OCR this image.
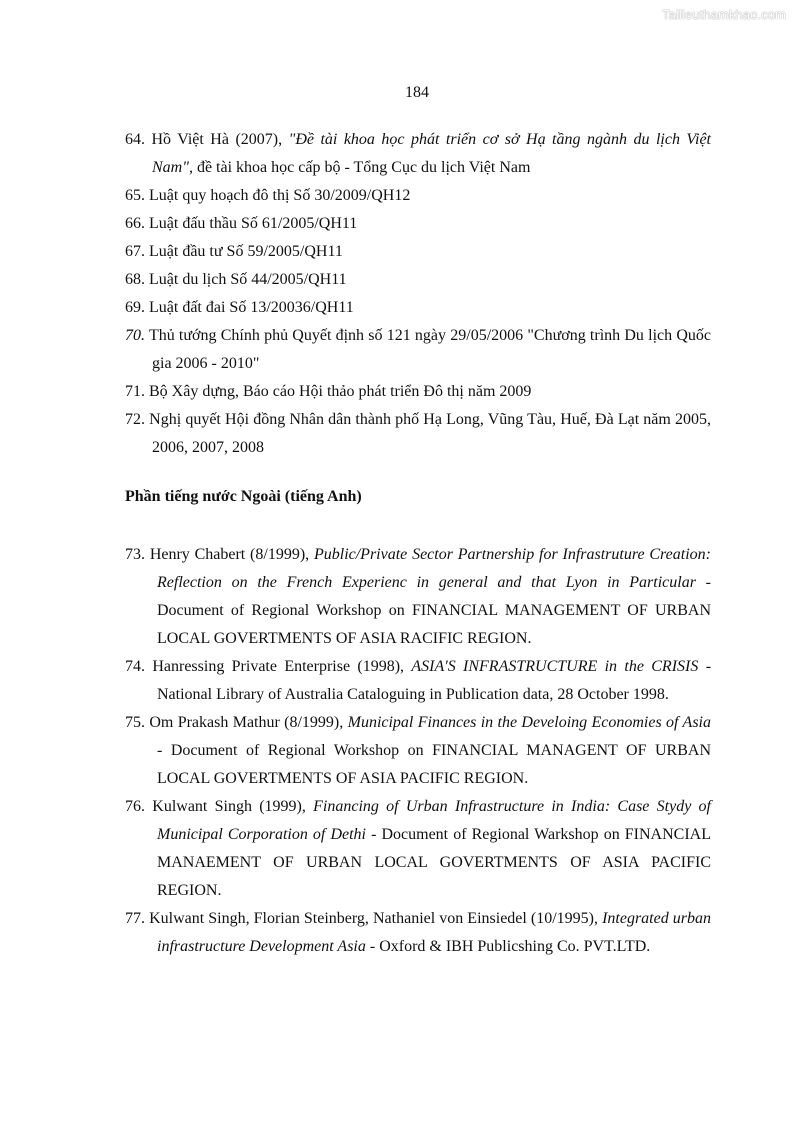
Tailieuthamkhao.com
184

64. Hồ Việt Hà (2007), "Đề tài khoa học phát triển cơ sở Hạ tầng ngành du lịch Việt Nam", đề tài khoa học cấp bộ - Tổng Cục du lịch Việt Nam

65. Luật quy hoạch đô thị Số 30/2009/QH12

66. Luật đấu thầu Số 61/2005/QH11

67. Luật đầu tư Số 59/2005/QH11

68. Luật du lịch Số 44/2005/QH11

69. Luật đất đai Số 13/20036/QH11

70. Thủ tướng Chính phủ Quyết định số 121 ngày 29/05/2006 "Chương trình Du lịch Quốc gia 2006 - 2010"

71. Bộ Xây dựng, Báo cáo Hội thảo phát triển Đô thị năm 2009

72. Nghị quyết Hội đồng Nhân dân thành phố Hạ Long, Vũng Tàu, Huế, Đà Lạt năm 2005, 2006, 2007, 2008

Phần tiếng nước Ngoài (tiếng Anh)

73. Henry Chabert (8/1999), Public/Private Sector Partnership for Infrastruture Creation: Reflection on the French Experienc in general and that Lyon in Particular - Document of Regional Workshop on FINANCIAL MANAGEMENT OF URBAN LOCAL GOVERTMENTS OF ASIA RACIFIC REGION.

74. Hanressing Private Enterprise (1998), ASIA'S INFRASTRUCTURE in the CRISIS - National Library of Australia Cataloguing in Publication data, 28 October 1998.

75. Om Prakash Mathur (8/1999), Municipal Finances in the Develoing Economies of Asia - Document of Regional Workshop on FINANCIAL MANAGENT OF URBAN LOCAL GOVERTMENTS OF ASIA PACIFIC REGION.

76. Kulwant Singh (1999), Financing of Urban Infrastructure in India: Case Stydy of Municipal Corporation of Dethi - Document of Regional Warkshop on FINANCIAL MANAEMENT OF URBAN LOCAL GOVERTMENTS OF ASIA PACIFIC REGION.

77. Kulwant Singh, Florian Steinberg, Nathaniel von Einsiedel (10/1995), Integrated urban infrastructure Development Asia - Oxford & IBH Publicshing Co. PVT.LTD.
